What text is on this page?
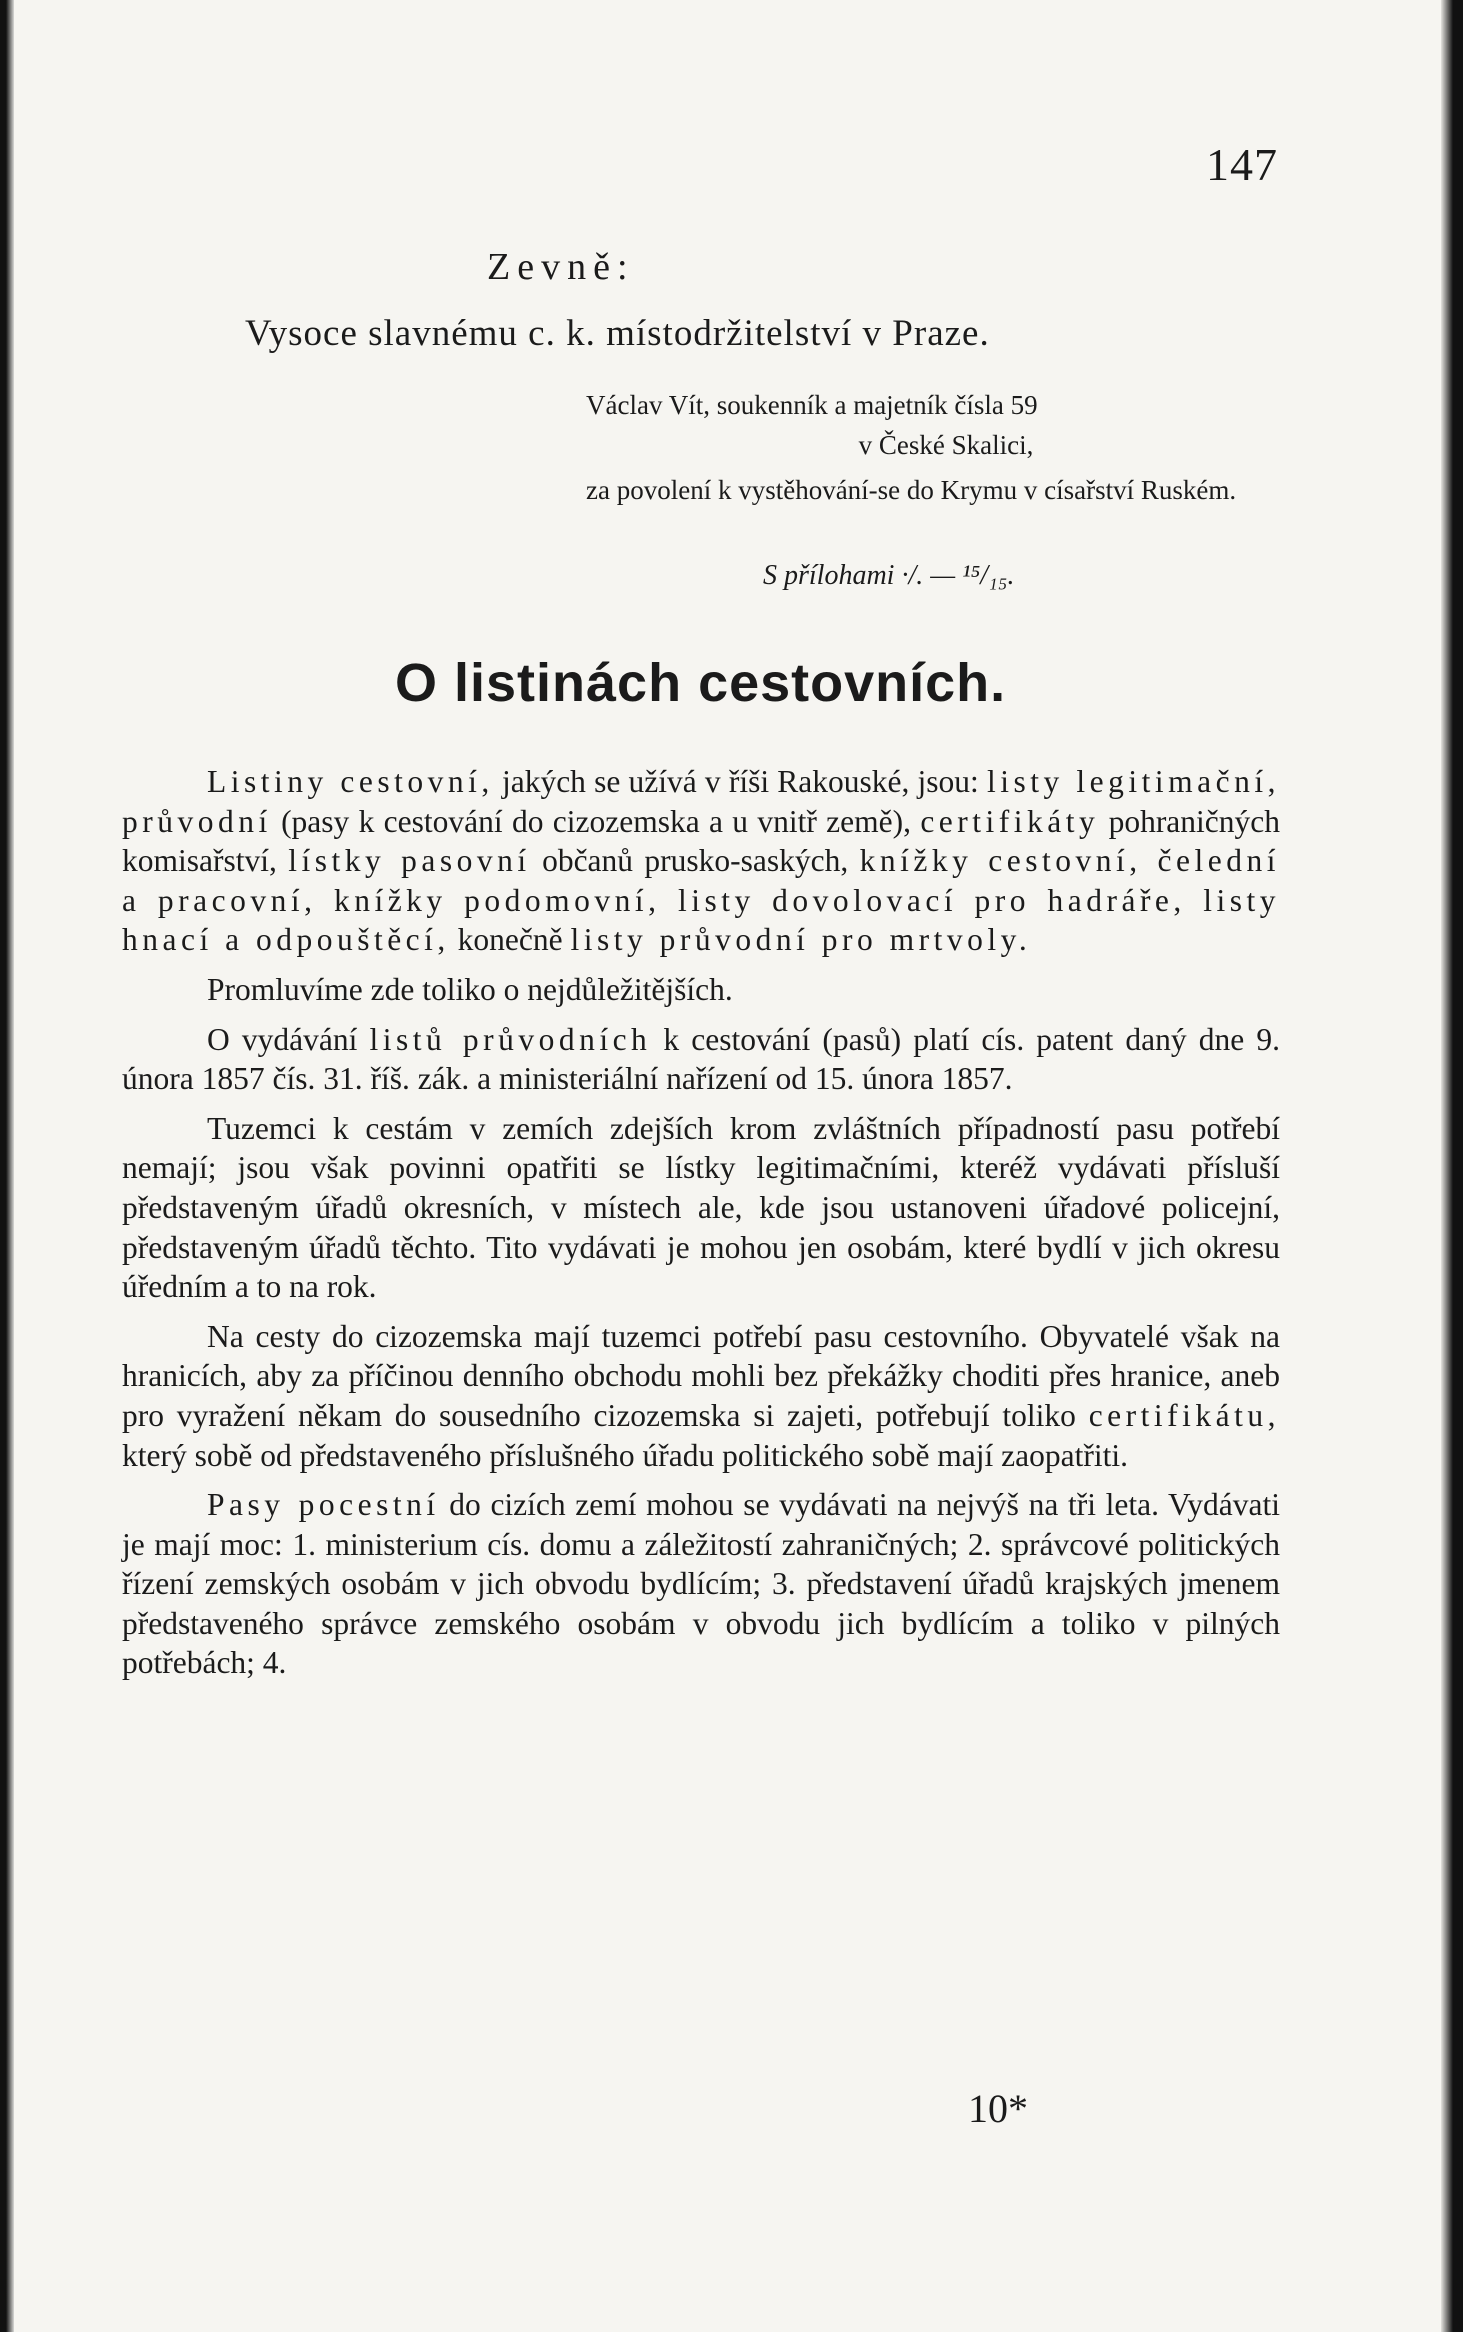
147
Zevně:
Vysoce slavnému c. k. místodržitelství v Praze.
Václav Vít, soukenník a majetník čísla 59

v České Skalici,
za povolení k vystěhování-se do Krymu v císařství Ruském.
S přílohami ·/. — ¹⁵/₁₅.
O listinách cestovních.

Listiny cestovní, jakých se užívá v říši Rakouské, jsou: listy legitimační, průvodní (pasy k cestování do cizozemska a u vnitř země), certifikáty pohraničných komisařství, lístky pasovní občanů prusko-saských, knížky cestovní, čelední a pracovní, knížky podomovní, listy dovolovací pro hadráře, listy hnací a odpouštěcí, konečně listy průvodní pro mrtvoly.

Promluvíme zde toliko o nejdůležitějších.

O vydávání listů průvodních k cestování (pasů) platí cís. patent daný dne 9. února 1857 čís. 31. říš. zák. a ministeriální nařízení od 15. února 1857.

Tuzemci k cestám v zemích zdejších krom zvláštních případností pasu potřebí nemají; jsou však povinni opatřiti se lístky legitimačními, kteréž vydávati přísluší představeným úřadů okresních, v místech ale, kde jsou ustanoveni úřadové policejní, představeným úřadů těchto. Tito vydávati je mohou jen osobám, které bydlí v jich okresu úředním a to na rok.

Na cesty do cizozemska mají tuzemci potřebí pasu cestovního. Obyvatelé však na hranicích, aby za příčinou denního obchodu mohli bez překážky choditi přes hranice, aneb pro vyražení někam do sousedního cizozemska si zajeti, potřebují toliko certifikátu, který sobě od představeného příslušného úřadu politického sobě mají zaopatřiti.

Pasy pocestní do cizích zemí mohou se vydávati na nejvýš na tři leta. Vydávati je mají moc: 1. ministerium cís. domu a záležitostí zahraničných; 2. správcové politických řízení zemských osobám v jich obvodu bydlícím; 3. představení úřadů krajských jmenem představeného správce zemského osobám v obvodu jich bydlícím a toliko v pilných potřebách; 4.

10*
